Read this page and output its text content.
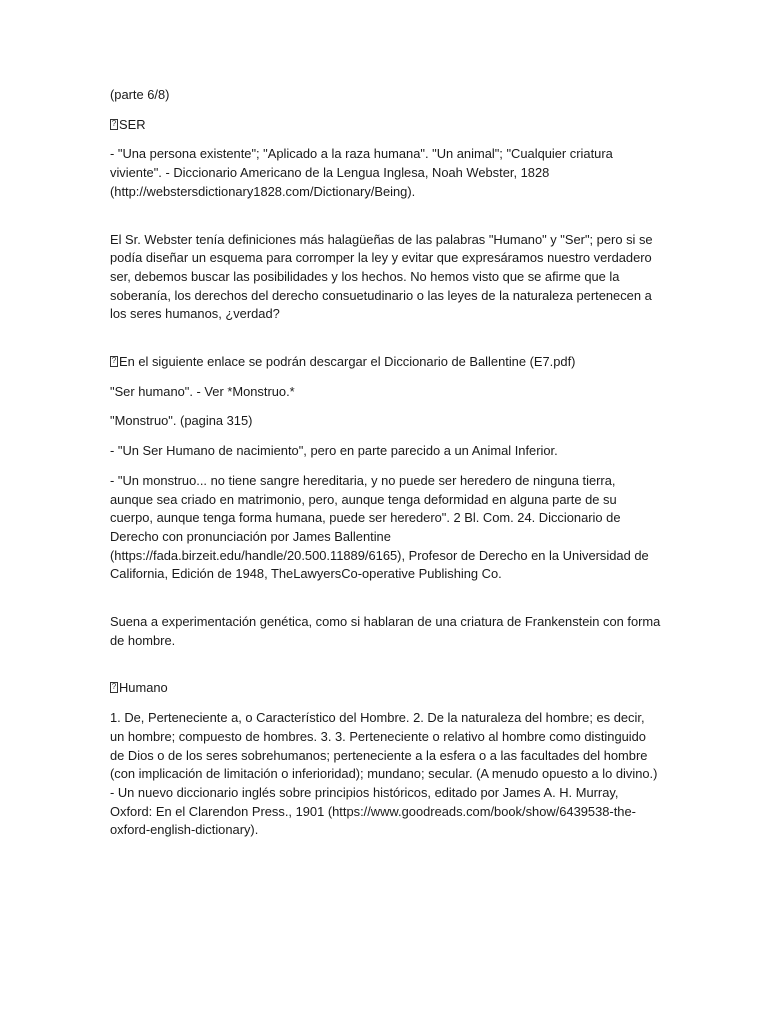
(parte 6/8)

?SER

- "Una persona existente"; "Aplicado a la raza humana". "Un animal"; "Cualquier criatura viviente". - Diccionario Americano de la Lengua Inglesa, Noah Webster, 1828 (http://webstersdictionary1828.com/Dictionary/Being).

El Sr. Webster tenía definiciones más halagüeñas de las palabras "Humano" y "Ser"; pero si se podía diseñar un esquema para corromper la ley y evitar que expresáramos nuestro verdadero ser, debemos buscar las posibilidades y los hechos. No hemos visto que se afirme que la soberanía, los derechos del derecho consuetudinario o las leyes de la naturaleza pertenecen a los seres humanos, ¿verdad?

?En el siguiente enlace se podrán descargar el Diccionario de Ballentine (E7.pdf)

"Ser humano". - Ver *Monstruo.*

"Monstruo". (pagina 315)

- "Un Ser Humano de nacimiento", pero en parte parecido a un Animal Inferior.

- "Un monstruo... no tiene sangre hereditaria, y no puede ser heredero de ninguna tierra, aunque sea criado en matrimonio, pero, aunque tenga deformidad en alguna parte de su cuerpo, aunque tenga forma humana, puede ser heredero". 2 Bl. Com. 24. Diccionario de Derecho con pronunciación por James Ballentine (https://fada.birzeit.edu/handle/20.500.11889/6165), Profesor de Derecho en la Universidad de California, Edición de 1948, TheLawyersCo-operative Publishing Co.

Suena a experimentación genética, como si hablaran de una criatura de Frankenstein con forma de hombre.

?Humano

1. De, Perteneciente a, o Característico del Hombre. 2. De la naturaleza del hombre; es decir, un hombre; compuesto de hombres. 3. 3. Perteneciente o relativo al hombre como distinguido de Dios o de los seres sobrehumanos; perteneciente a la esfera o a las facultades del hombre (con implicación de limitación o inferioridad); mundano; secular. (A menudo opuesto a lo divino.) - Un nuevo diccionario inglés sobre principios históricos, editado por James A. H. Murray, Oxford: En el Clarendon Press., 1901 (https://www.goodreads.com/book/show/6439538-the-oxford-english-dictionary).
